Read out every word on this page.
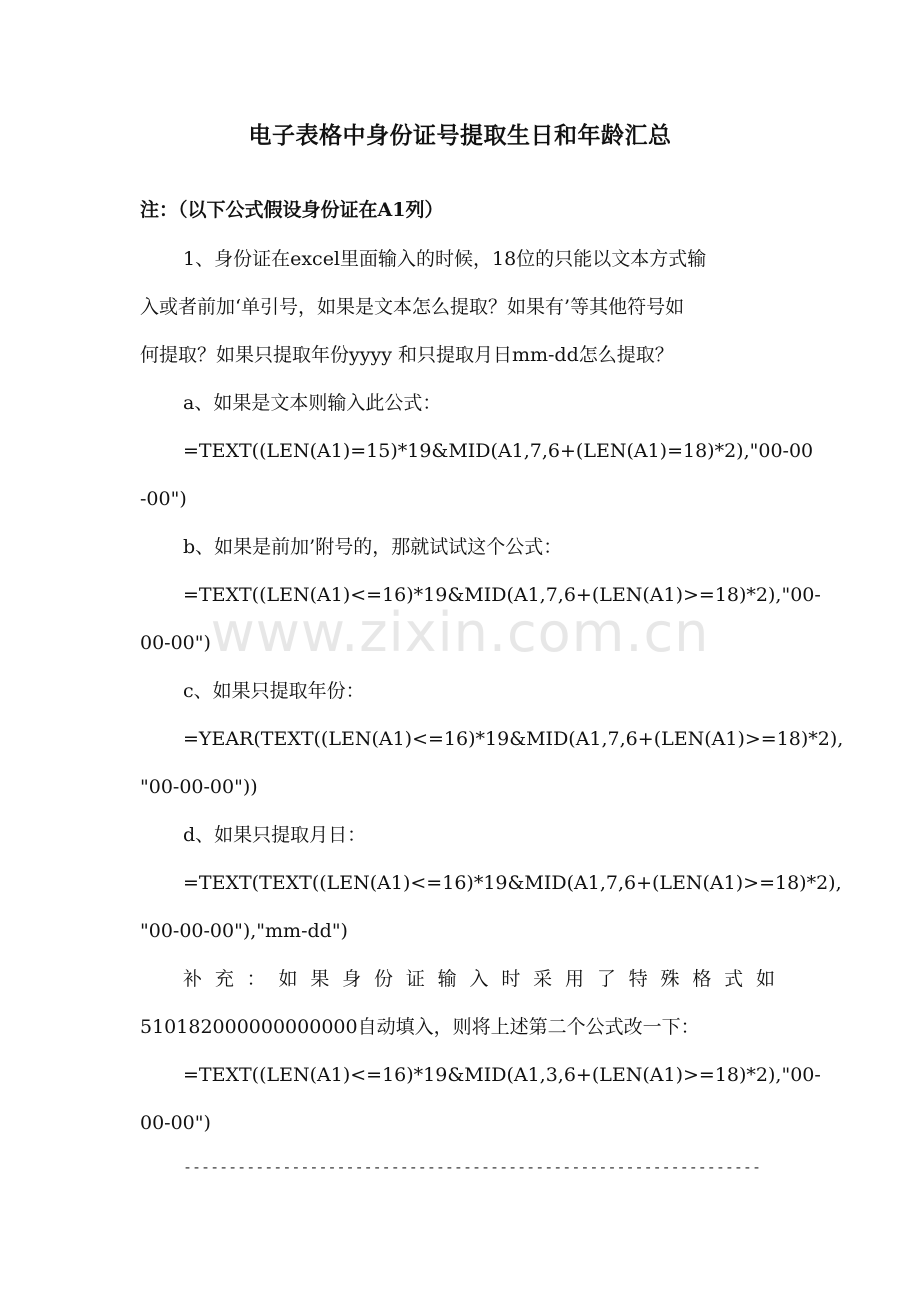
电子表格中身份证号提取生日和年龄汇总
注：（以下公式假设身份证在A1列）
1、身份证在excel里面输入的时候，18位的只能以文本方式输
入或者前加‘单引号，如果是文本怎么提取？如果有’等其他符号如
何提取？如果只提取年份yyyy 和只提取月日mm-dd怎么提取？
a、如果是文本则输入此公式：
=TEXT((LEN(A1)=15)*19&MID(A1,7,6+(LEN(A1)=18)*2),"00-00
-00")
b、如果是前加’附号的，那就试试这个公式：
=TEXT((LEN(A1)<=16)*19&MID(A1,7,6+(LEN(A1)>=18)*2),"00-
00-00")
c、如果只提取年份：
=YEAR(TEXT((LEN(A1)<=16)*19&MID(A1,7,6+(LEN(A1)>=18)*2),
"00-00-00"))
d、如果只提取月日：
=TEXT(TEXT((LEN(A1)<=16)*19&MID(A1,7,6+(LEN(A1)>=18)*2),
"00-00-00"),"mm-dd")
补充：如果身份证输入时采用了特殊格式如
510182000000000000自动填入，则将上述第二个公式改一下：
=TEXT((LEN(A1)<=16)*19&MID(A1,3,6+(LEN(A1)>=18)*2),"00-
00-00")
----------------------------------------------------------------
www.zixin.com.cn
